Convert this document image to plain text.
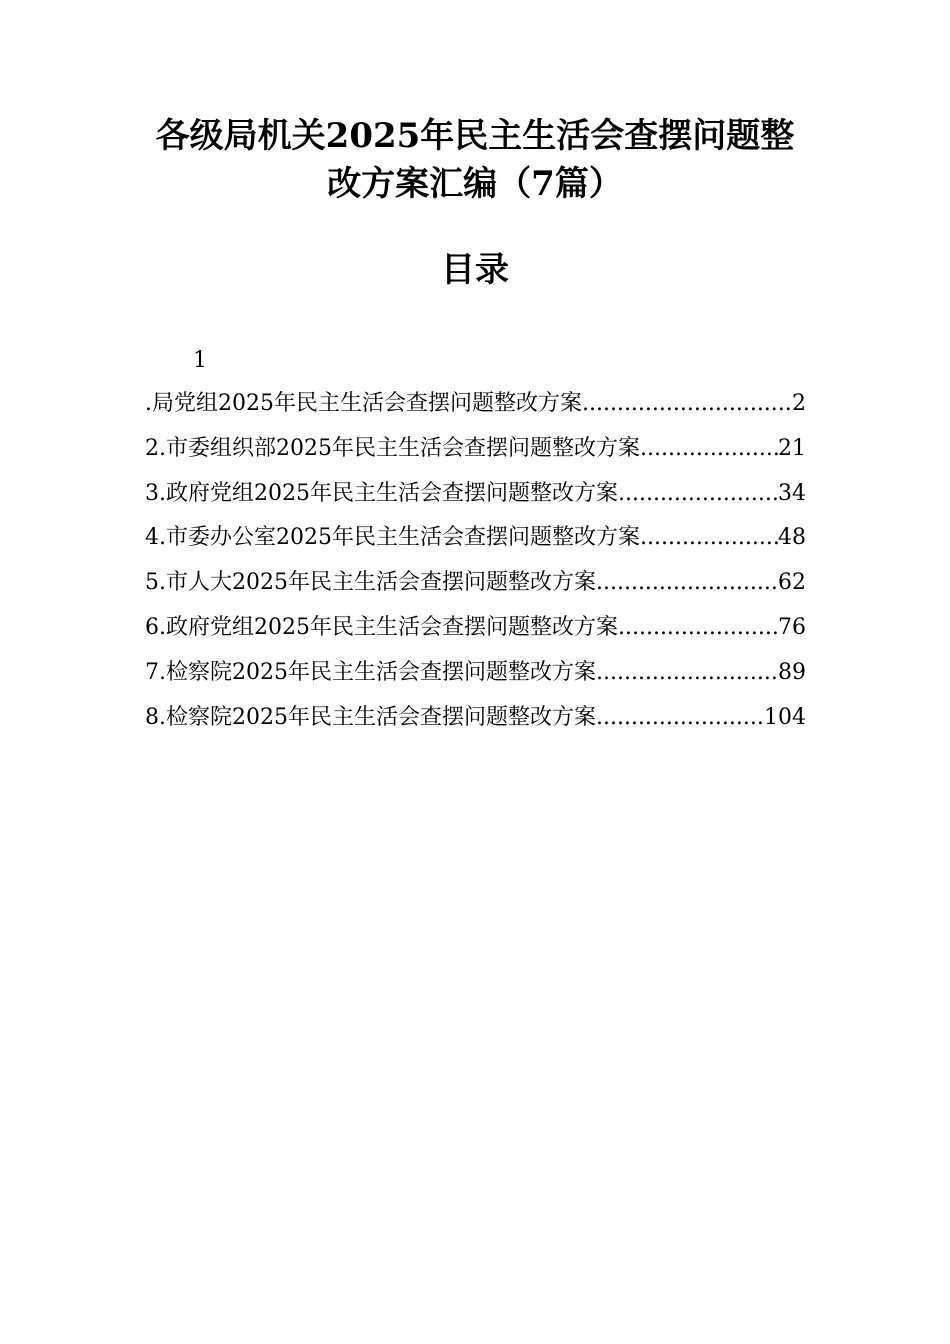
各级局机关2025年民主生活会查摆问题整
改方案汇编（7篇）
目录
1
.局党组2025年民主生活会查摆问题整改方案 .....	2
2.市委组织部2025年民主生活会查摆问题整改方案 .....	21
3.政府党组2025年民主生活会查摆问题整改方案 .....	34
4.市委办公室2025年民主生活会查摆问题整改方案 .....	48
5.市人大2025年民主生活会查摆问题整改方案 .....	62
6.政府党组2025年民主生活会查摆问题整改方案 .....	76
7.检察院2025年民主生活会查摆问题整改方案 .....	89
8.检察院2025年民主生活会查摆问题整改方案 .....	104
